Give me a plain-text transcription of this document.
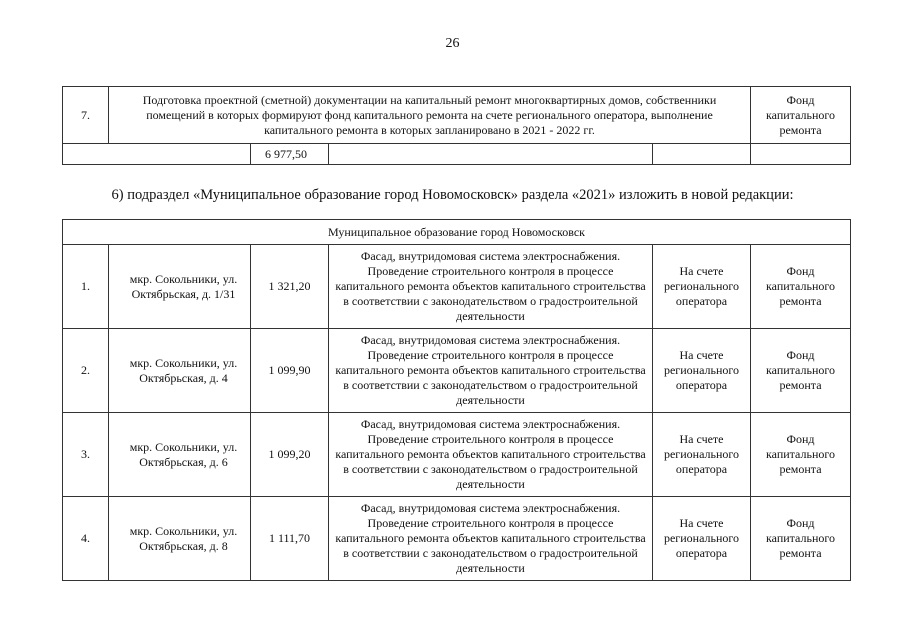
26
7.	Подготовка проектной (сметной) документации на капитальный ремонт многоквартирных домов, собственники помещений в которых формируют фонд капитального ремонта на счете регионального оператора, выполнение капитального ремонта в которых запланировано в 2021 - 2022 гг.				Фонд капитального ремонта
		6 977,50			
6) подраздел «Муниципальное образование город Новомосковск» раздела «2021» изложить в новой редакции:
Муниципальное образование город Новомосковск					
1.	мкр. Сокольники, ул. Октябрьская, д. 1/31	1 321,20	Фасад, внутридомовая система электроснабжения. Проведение строительного контроля в процессе капитального ремонта объектов капитального строительства в соответствии с законодательством о градостроительной деятельности	На счете регионального оператора	Фонд капитального ремонта
2.	мкр. Сокольники, ул. Октябрьская, д. 4	1 099,90	Фасад, внутридомовая система электроснабжения. Проведение строительного контроля в процессе капитального ремонта объектов капитального строительства в соответствии с законодательством о градостроительной деятельности	На счете регионального оператора	Фонд капитального ремонта
3.	мкр. Сокольники, ул. Октябрьская, д. 6	1 099,20	Фасад, внутридомовая система электроснабжения. Проведение строительного контроля в процессе капитального ремонта объектов капитального строительства в соответствии с законодательством о градостроительной деятельности	На счете регионального оператора	Фонд капитального ремонта
4.	мкр. Сокольники, ул. Октябрьская, д. 8	1 111,70	Фасад, внутридомовая система электроснабжения. Проведение строительного контроля в процессе капитального ремонта объектов капитального строительства в соответствии с законодательством о градостроительной деятельности	На счете регионального оператора	Фонд капитального ремонта
